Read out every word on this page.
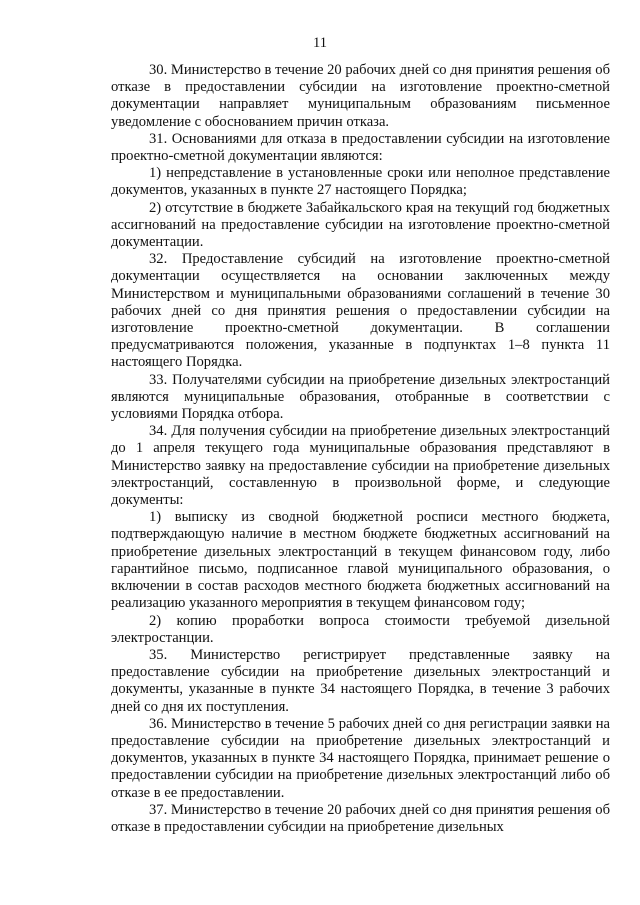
11

30. Министерство в течение 20 рабочих дней со дня принятия решения об отказе в предоставлении субсидии на изготовление проектно-сметной документации направляет муниципальным образованиям письменное уведомление с обоснованием причин отказа.

31. Основаниями для отказа в предоставлении субсидии на изготовление проектно-сметной документации являются:

1) непредставление в установленные сроки или неполное представление документов, указанных в пункте 27 настоящего Порядка;

2) отсутствие в бюджете Забайкальского края на текущий год бюджетных ассигнований на предоставление субсидии на изготовление проектно-сметной документации.

32. Предоставление субсидий на изготовление проектно-сметной документации осуществляется на основании заключенных между Министерством и муниципальными образованиями соглашений в течение 30 рабочих дней со дня принятия решения о предоставлении субсидии на изготовление проектно-сметной документации. В соглашении предусматриваются положения, указанные в подпунктах 1–8 пункта 11 настоящего Порядка.

33. Получателями субсидии на приобретение дизельных электростанций являются муниципальные образования, отобранные в соответствии с условиями Порядка отбора.

34. Для получения субсидии на приобретение дизельных электростанций до 1 апреля текущего года муниципальные образования представляют в Министерство заявку на предоставление субсидии на приобретение дизельных электростанций, составленную в произвольной форме, и следующие документы:

1) выписку из сводной бюджетной росписи местного бюджета, подтверждающую наличие в местном бюджете бюджетных ассигнований на приобретение дизельных электростанций в текущем финансовом году, либо гарантийное письмо, подписанное главой муниципального образования, о включении в состав расходов местного бюджета бюджетных ассигнований на реализацию указанного мероприятия в текущем финансовом году;

2) копию проработки вопроса стоимости требуемой дизельной электростанции.

35. Министерство регистрирует представленные заявку на предоставление субсидии на приобретение дизельных электростанций и документы, указанные в пункте 34 настоящего Порядка, в течение 3 рабочих дней со дня их поступления.

36. Министерство в течение 5 рабочих дней со дня регистрации заявки на предоставление субсидии на приобретение дизельных электростанций и документов, указанных в пункте 34 настоящего Порядка, принимает решение о предоставлении субсидии на приобретение дизельных электростанций либо об отказе в ее предоставлении.

37. Министерство в течение 20 рабочих дней со дня принятия решения об отказе в предоставлении субсидии на приобретение дизельных
